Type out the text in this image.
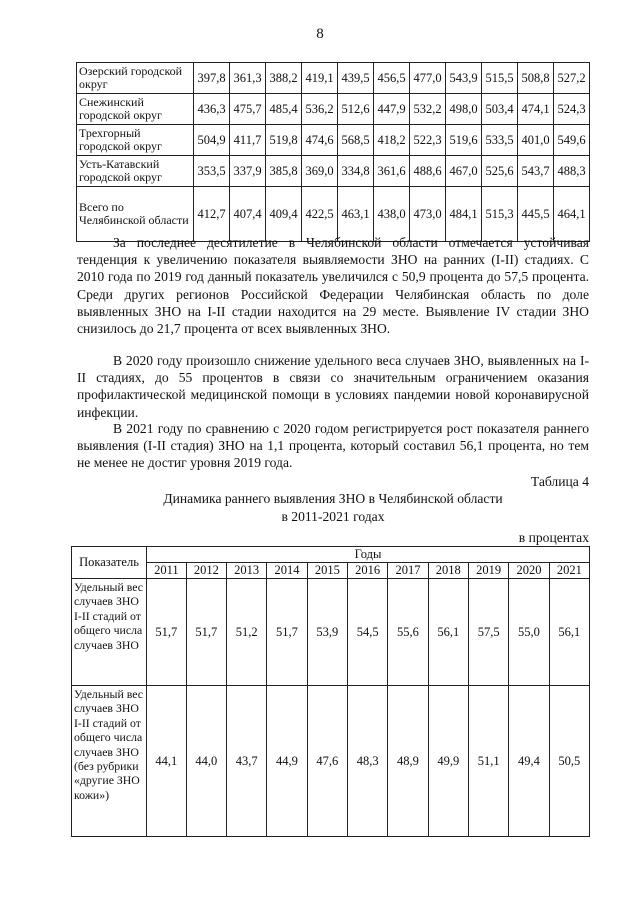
8
Озерский городской округ	397,8	361,3	388,2	419,1	439,5	456,5	477,0	543,9	515,5	508,8	527,2
Снежинский городской округ	436,3	475,7	485,4	536,2	512,6	447,9	532,2	498,0	503,4	474,1	524,3
Трехгорный городской округ	504,9	411,7	519,8	474,6	568,5	418,2	522,3	519,6	533,5	401,0	549,6
Усть-Катавский городской округ	353,5	337,9	385,8	369,0	334,8	361,6	488,6	467,0	525,6	543,7	488,3
Всего по Челябинской области	412,7	407,4	409,4	422,5	463,1	438,0	473,0	484,1	515,3	445,5	464,1

За последнее десятилетие в Челябинской области отмечается устойчивая тенденция к увеличению показателя выявляемости ЗНО на ранних (I-II) стадиях. С 2010 года по 2019 год данный показатель увеличился с 50,9 процента до 57,5 процента. Среди других регионов Российской Федерации Челябинская область по доле выявленных ЗНО на I-II стадии находится на 29 месте. Выявление IV стадии ЗНО снизилось до 21,7 процента от всех выявленных ЗНО.

В 2020 году произошло снижение удельного веса случаев ЗНО, выявленных на I-II стадиях, до 55 процентов в связи со значительным ограничением оказания профилактической медицинской помощи в условиях пандемии новой коронавирусной инфекции.

В 2021 году по сравнению с 2020 годом регистрируется рост показателя раннего выявления (I-II стадия) ЗНО на 1,1 процента, который составил 56,1 процента, но тем не менее не достиг уровня 2019 года.

Таблица 4
Динамика раннего выявления ЗНО в Челябинской области
в 2011-2021 годах
в процентах
Показатель	Годы										
	2011	2012	2013	2014	2015	2016	2017	2018	2019	2020	2021
Удельный вес случаев ЗНО I-II стадий от общего числа случаев ЗНО	51,7	51,7	51,2	51,7	53,9	54,5	55,6	56,1	57,5	55,0	56,1
Удельный вес случаев ЗНО I-II стадий от общего числа случаев ЗНО (без рубрики «другие ЗНО кожи»)	44,1	44,0	43,7	44,9	47,6	48,3	48,9	49,9	51,1	49,4	50,5
